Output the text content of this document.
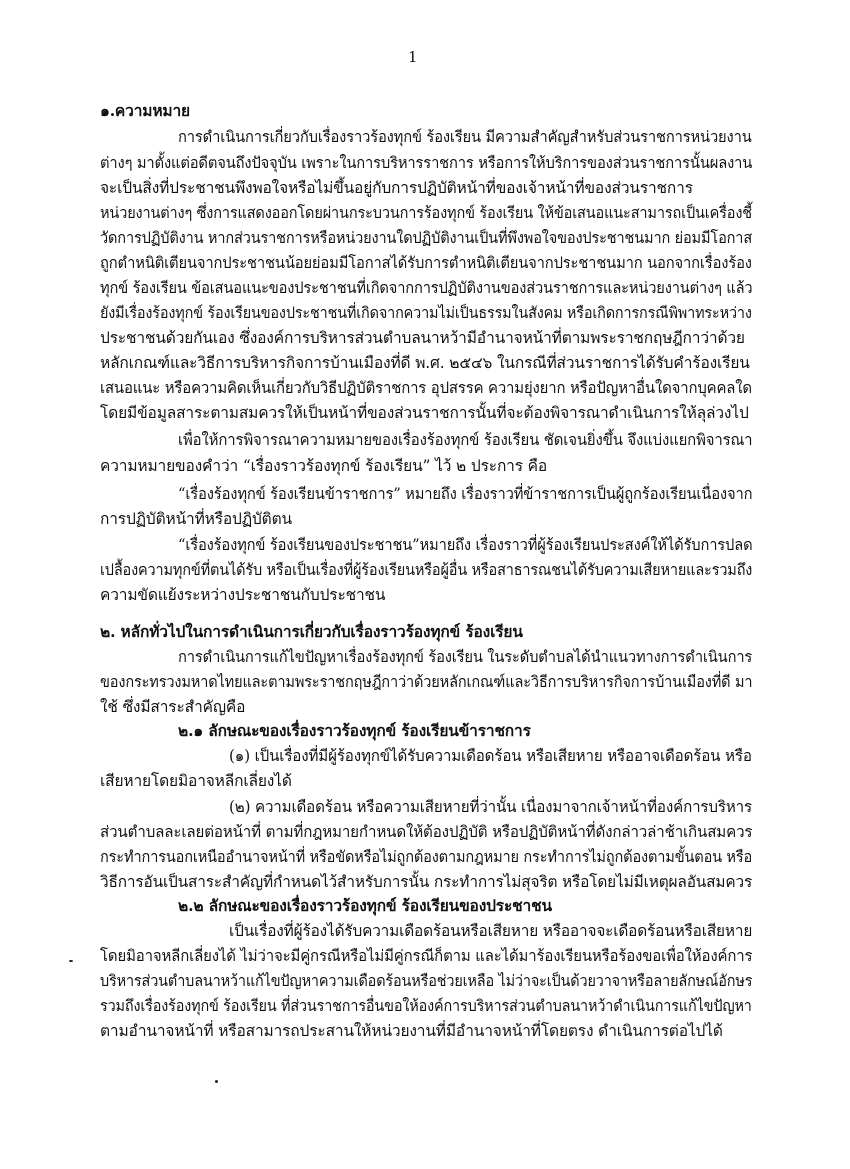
1
๑.ความหมาย
การดำเนินการเกี่ยวกับเรื่องราวร้องทุกข์ ร้องเรียน มีความสำคัญสำหรับส่วนราชการหน่วยงาน
ต่างๆ มาตั้งแต่อดีตจนถึงปัจจุบัน เพราะในการบริหารราชการ หรือการให้บริการของส่วนราชการนั้นผลงาน
จะเป็นสิ่งที่ประชาชนพึงพอใจหรือไม่ขึ้นอยู่กับการปฏิบัติหน้าที่ของเจ้าหน้าที่ของส่วนราชการ
หน่วยงานต่างๆ ซึ่งการแสดงออกโดยผ่านกระบวนการร้องทุกข์ ร้องเรียน ให้ข้อเสนอแนะสามารถเป็นเครื่องชี้
วัดการปฏิบัติงาน หากส่วนราชการหรือหน่วยงานใดปฏิบัติงานเป็นที่พึงพอใจของประชาชนมาก ย่อมมีโอกาส
ถูกตำหนิติเตียนจากประชาชนน้อยย่อมมีโอกาสได้รับการตำหนิติเตียนจากประชาชนมาก นอกจากเรื่องร้อง
ทุกข์ ร้องเรียน ข้อเสนอแนะของประชาชนที่เกิดจากการปฏิบัติงานของส่วนราชการและหน่วยงานต่างๆ แล้ว
ยังมีเรื่องร้องทุกข์ ร้องเรียนของประชาชนที่เกิดจากความไม่เป็นธรรมในสังคม หรือเกิดการกรณีพิพาทระหว่าง
ประชาชนด้วยกันเอง ซึ่งองค์การบริหารส่วนตำบลนาหว้ามีอำนาจหน้าที่ตามพระราชกฤษฎีกาว่าด้วย
หลักเกณฑ์และวิธีการบริหารกิจการบ้านเมืองที่ดี พ.ศ. ๒๕๔๖ ในกรณีที่ส่วนราชการได้รับคำร้องเรียน
เสนอแนะ หรือความคิดเห็นเกี่ยวกับวิธีปฏิบัติราชการ อุปสรรค ความยุ่งยาก หรือปัญหาอื่นใดจากบุคคลใด
โดยมีข้อมูลสาระตามสมควรให้เป็นหน้าที่ของส่วนราชการนั้นที่จะต้องพิจารณาดำเนินการให้ลุล่วงไป
เพื่อให้การพิจารณาความหมายของเรื่องร้องทุกข์ ร้องเรียน ชัดเจนยิ่งขึ้น จึงแบ่งแยกพิจารณา
ความหมายของคำว่า “เรื่องราวร้องทุกข์ ร้องเรียน” ไว้ ๒ ประการ คือ
“เรื่องร้องทุกข์ ร้องเรียนข้าราชการ” หมายถึง เรื่องราวที่ข้าราชการเป็นผู้ถูกร้องเรียนเนื่องจาก
การปฏิบัติหน้าที่หรือปฏิบัติตน
“เรื่องร้องทุกข์ ร้องเรียนของประชาชน”หมายถึง เรื่องราวที่ผู้ร้องเรียนประสงค์ให้ได้รับการปลด
เปลื้องความทุกข์ที่ตนได้รับ หรือเป็นเรื่องที่ผู้ร้องเรียนหรือผู้อื่น หรือสาธารณชนได้รับความเสียหายและรวมถึง
ความขัดแย้งระหว่างประชาชนกับประชาชน
๒. หลักทั่วไปในการดำเนินการเกี่ยวกับเรื่องราวร้องทุกข์ ร้องเรียน
การดำเนินการแก้ไขปัญหาเรื่องร้องทุกข์ ร้องเรียน ในระดับตำบลได้นำแนวทางการดำเนินการ
ของกระทรวงมหาดไทยและตามพระราชกฤษฎีกาว่าด้วยหลักเกณฑ์และวิธีการบริหารกิจการบ้านเมืองที่ดี มา
ใช้ ซึ่งมีสาระสำคัญคือ
๒.๑ ลักษณะของเรื่องราวร้องทุกข์ ร้องเรียนข้าราชการ
(๑) เป็นเรื่องที่มีผู้ร้องทุกข์ได้รับความเดือดร้อน หรือเสียหาย หรืออาจเดือดร้อน หรือ
เสียหายโดยมิอาจหลีกเลี่ยงได้
(๒) ความเดือดร้อน หรือความเสียหายที่ว่านั้น เนื่องมาจากเจ้าหน้าที่องค์การบริหาร
ส่วนตำบลละเลยต่อหน้าที่ ตามที่กฎหมายกำหนดให้ต้องปฏิบัติ หรือปฏิบัติหน้าที่ดังกล่าวล่าช้าเกินสมควร
กระทำการนอกเหนืออำนาจหน้าที่ หรือขัดหรือไม่ถูกต้องตามกฎหมาย กระทำการไม่ถูกต้องตามขั้นตอน หรือ
วิธีการอันเป็นสาระสำคัญที่กำหนดไว้สำหรับการนั้น กระทำการไม่สุจริต หรือโดยไม่มีเหตุผลอันสมควร
๒.๒ ลักษณะของเรื่องราวร้องทุกข์ ร้องเรียนของประชาชน
เป็นเรื่องที่ผู้ร้องได้รับความเดือดร้อนหรือเสียหาย หรืออาจจะเดือดร้อนหรือเสียหาย
โดยมิอาจหลีกเลี่ยงได้ ไม่ว่าจะมีคู่กรณีหรือไม่มีคู่กรณีก็ตาม และได้มาร้องเรียนหรือร้องขอเพื่อให้องค์การ
บริหารส่วนตำบลนาหว้าแก้ไขปัญหาความเดือดร้อนหรือช่วยเหลือ ไม่ว่าจะเป็นด้วยวาจาหรือลายลักษณ์อักษร
รวมถึงเรื่องร้องทุกข์ ร้องเรียน ที่ส่วนราชการอื่นขอให้องค์การบริหารส่วนตำบลนาหว้าดำเนินการแก้ไขปัญหา
ตามอำนาจหน้าที่ หรือสามารถประสานให้หน่วยงานที่มีอำนาจหน้าที่โดยตรง ดำเนินการต่อไปได้
